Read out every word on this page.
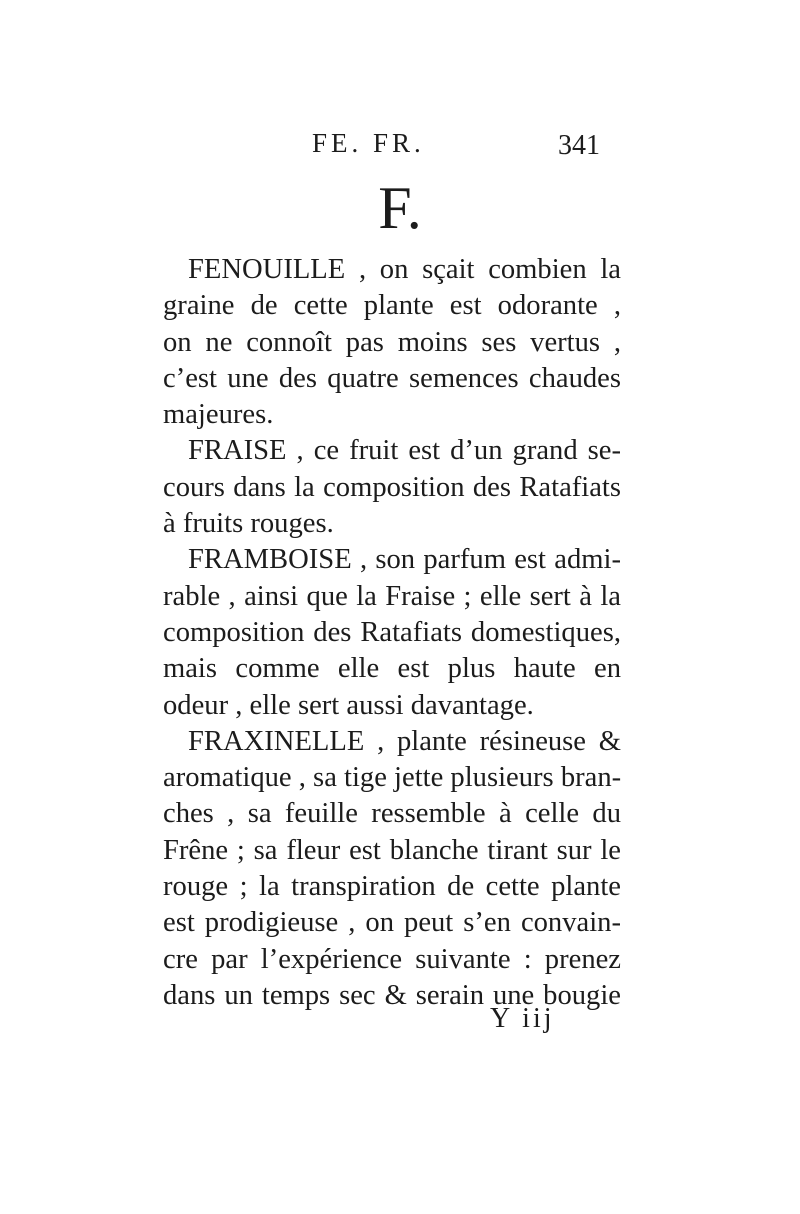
FE. FR.	341
F.

FENOUILLE , on sçait combien la
graine de cette plante est odorante ,
on ne connoît pas moins ses vertus ,
c’est une des quatre semences chaudes
majeures.

FRAISE , ce fruit est d’un grand se-
cours dans la composition des Ratafiats
à fruits rouges.

FRAMBOISE , son parfum est admi-
rable , ainsi que la Fraise ; elle sert à la
composition des Ratafiats domestiques,
mais comme elle est plus haute en
odeur , elle sert aussi davantage.

FRAXINELLE , plante résineuse &
aromatique , sa tige jette plusieurs bran-
ches , sa feuille ressemble à celle du
Frêne ; sa fleur est blanche tirant sur le
rouge ; la transpiration de cette plante
est prodigieuse , on peut s’en convain-
cre par l’expérience suivante : prenez
dans un temps sec & serain une bougie

Y iij
